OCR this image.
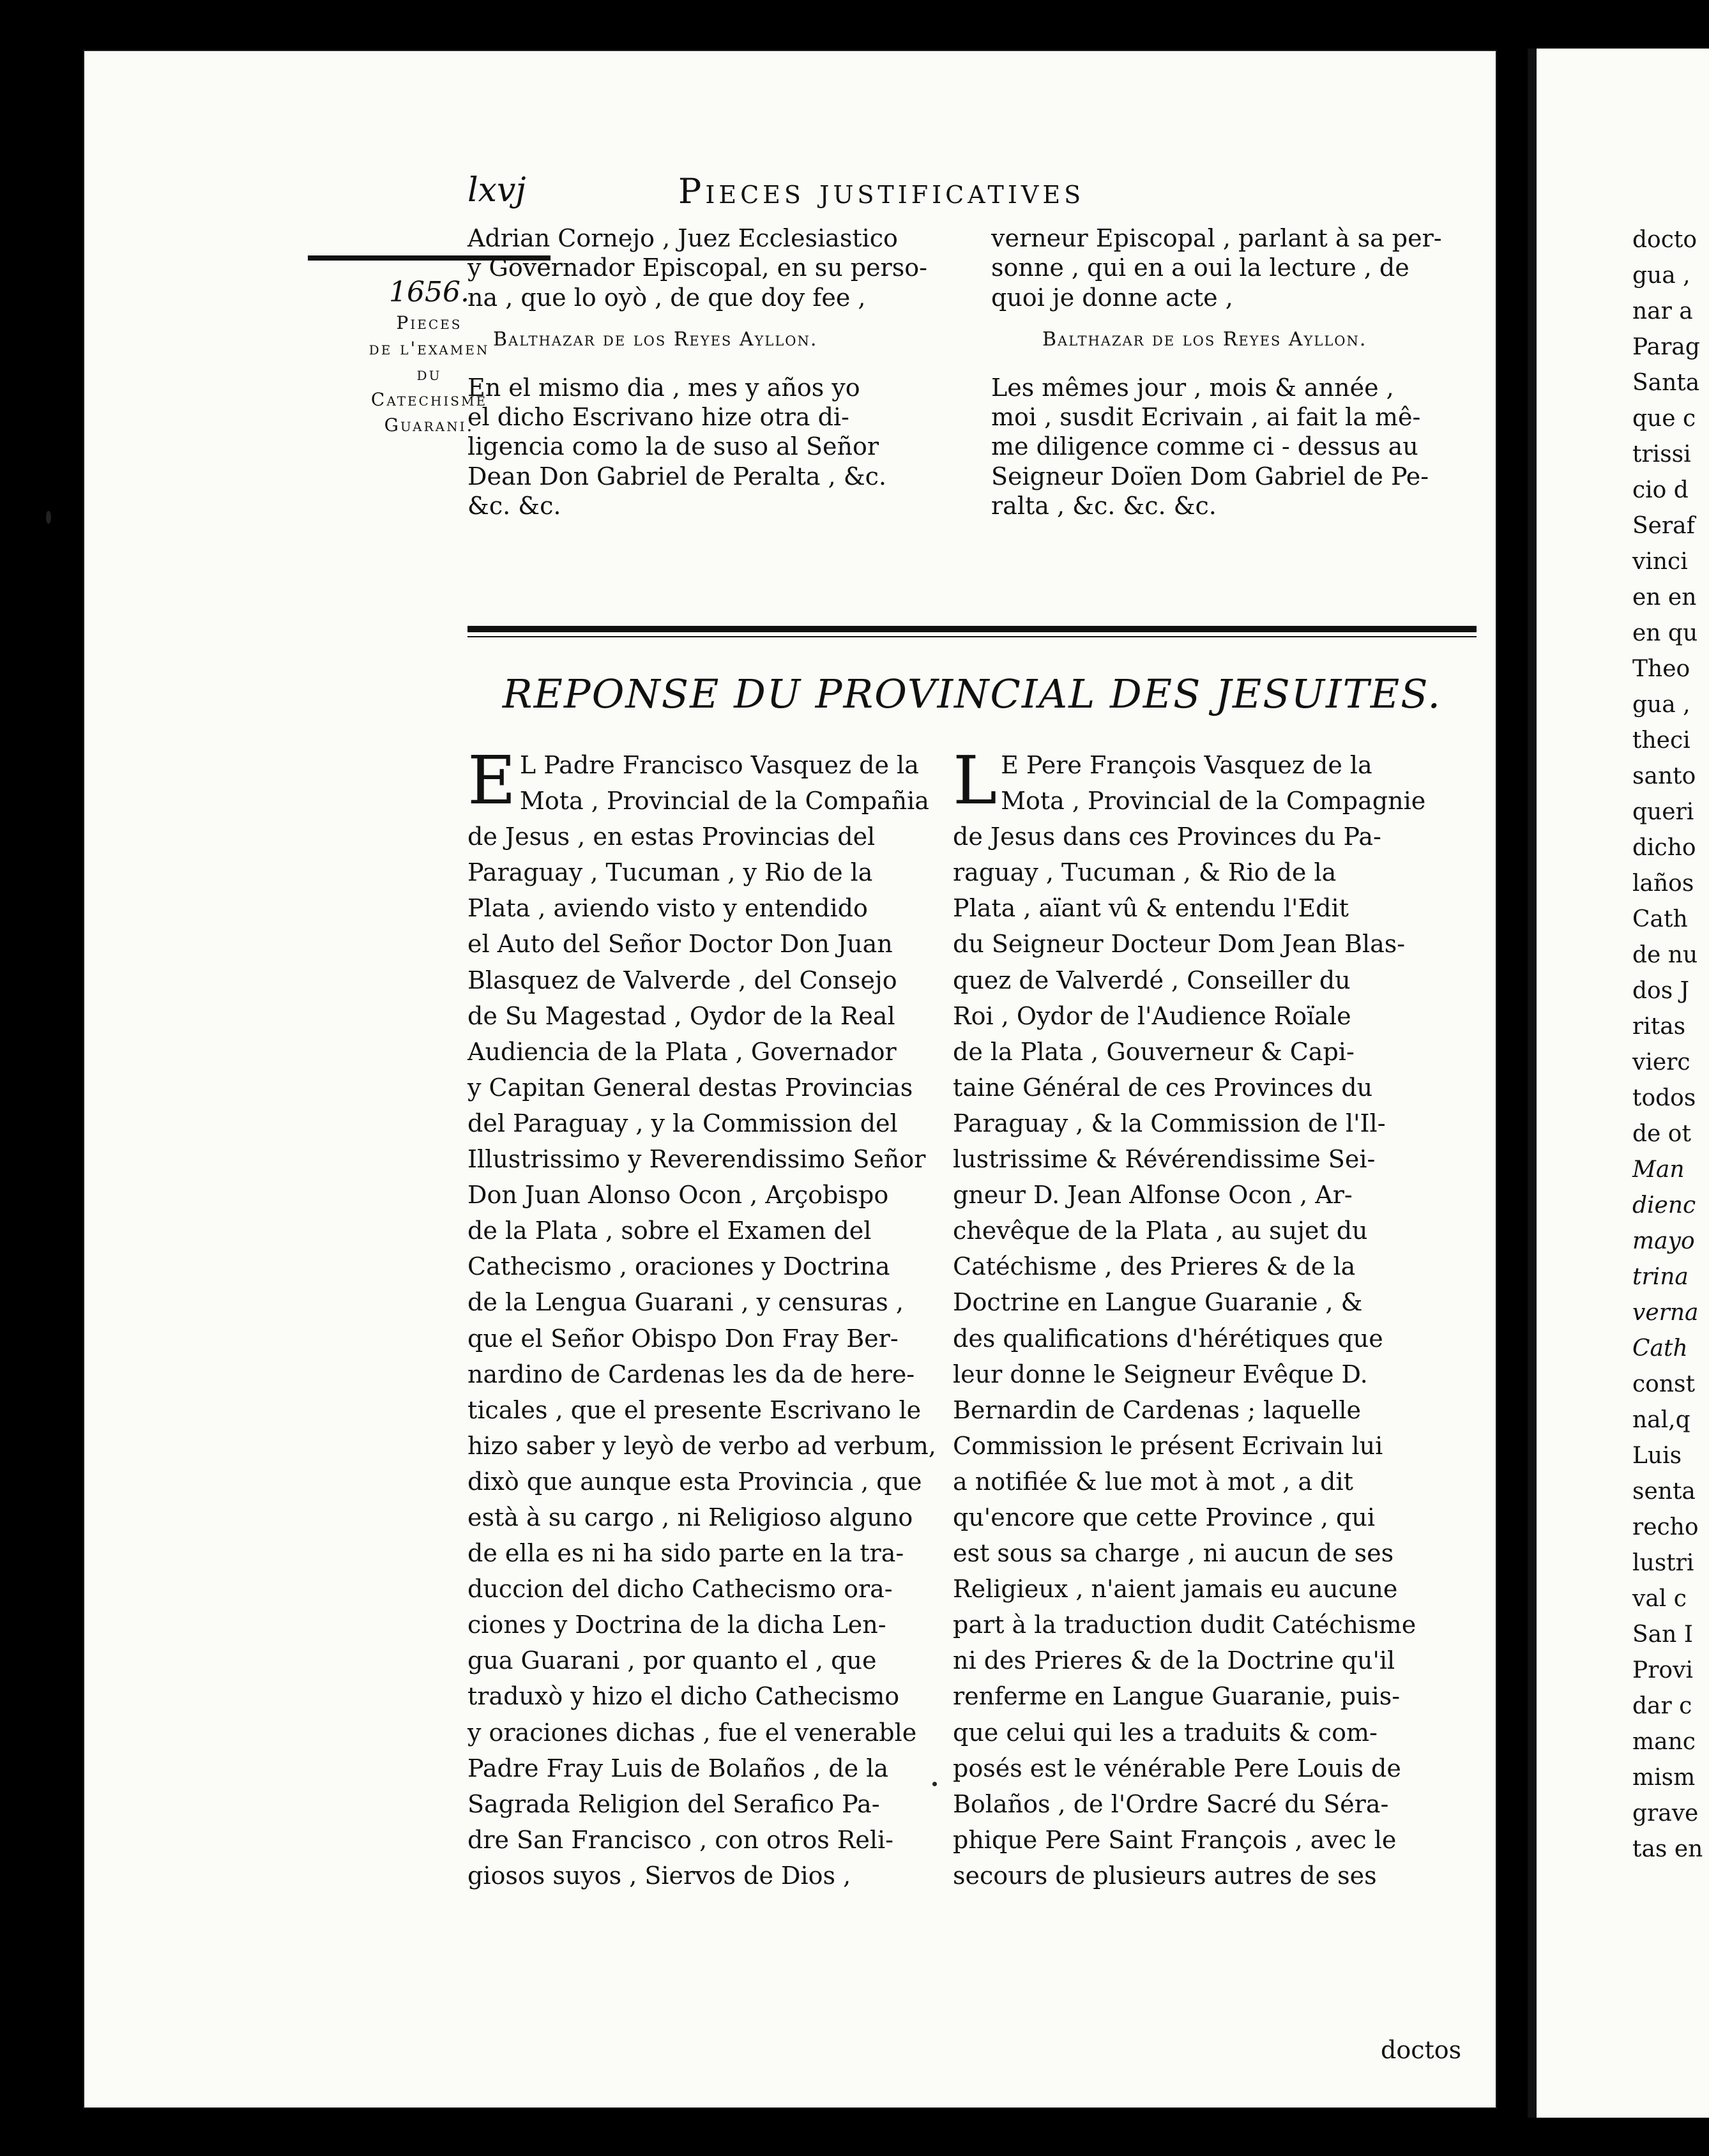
lxvj	Pieces justificatives
1656.
Pieces
de l'examen
du
Catechisme
Guarani.
Adrian Cornejo , Juez Ecclesiastico
y Governador Episcopal, en su perso-
na , que lo oyò , de que doy fee ,
Balthazar de los Reyes Ayllon.
En el mismo dia , mes y años yo
el dicho Escrivano hize otra di-
ligencia como la de suso al Señor
Dean Don Gabriel de Peralta , &c.
&c. &c.
verneur Episcopal , parlant à sa per-
sonne , qui en a oui la lecture , de
quoi je donne acte ,
Balthazar de los Reyes Ayllon.
Les mêmes jour , mois & année ,
moi , susdit Ecrivain , ai fait la mê-
me diligence comme ci - dessus au
Seigneur Doïen Dom Gabriel de Pe-
ralta , &c. &c. &c.
REPONSE DU PROVINCIAL DES JESUITES.
E L Padre Francisco Vasquez de la
Mota , Provincial de la Compañia
de Jesus , en estas Provincias del
Paraguay , Tucuman , y Rio de la
Plata , aviendo visto y entendido
el Auto del Señor Doctor Don Juan
Blasquez de Valverde , del Consejo
de Su Magestad , Oydor de la Real
Audiencia de la Plata , Governador
y Capitan General destas Provincias
del Paraguay , y la Commission del
Illustrissimo y Reverendissimo Señor
Don Juan Alonso Ocon , Arçobispo
de la Plata , sobre el Examen del
Cathecismo , oraciones y Doctrina
de la Lengua Guarani , y censuras ,
que el Señor Obispo Don Fray Ber-
nardino de Cardenas les da de here-
ticales , que el presente Escrivano le
hizo saber y leyò de verbo ad verbum,
dixò que aunque esta Provincia , que
està à su cargo , ni Religioso alguno
de ella es ni ha sido parte en la tra-
duccion del dicho Cathecismo ora-
ciones y Doctrina de la dicha Len-
gua Guarani , por quanto el , que
traduxò y hizo el dicho Cathecismo
y oraciones dichas , fue el venerable
Padre Fray Luis de Bolaños , de la
Sagrada Religion del Serafico Pa-
dre San Francisco , con otros Reli-
giosos suyos , Siervos de Dios ,
L E Pere François Vasquez de la
Mota , Provincial de la Compagnie
de Jesus dans ces Provinces du Pa-
raguay , Tucuman , & Rio de la
Plata , aïant vû & entendu l'Edit
du Seigneur Docteur Dom Jean Blas-
quez de Valverdé , Conseiller du
Roi , Oydor de l'Audience Roïale
de la Plata , Gouverneur & Capi-
taine Général de ces Provinces du
Paraguay , & la Commission de l'Il-
lustrissime & Révérendissime Sei-
gneur D. Jean Alfonse Ocon , Ar-
chevêque de la Plata , au sujet du
Catéchisme , des Prieres & de la
Doctrine en Langue Guaranie , &
des qualifications d'hérétiques que
leur donne le Seigneur Evêque D.
Bernardin de Cardenas ; laquelle
Commission le présent Ecrivain lui
a notifiée & lue mot à mot , a dit
qu'encore que cette Province , qui
est sous sa charge , ni aucun de ses
Religieux , n'aient jamais eu aucune
part à la traduction dudit Catéchisme
ni des Prieres & de la Doctrine qu'il
renferme en Langue Guaranie, puis-
que celui qui les a traduits & com-
posés est le vénérable Pere Louis de
Bolaños , de l'Ordre Sacré du Séra-
phique Pere Saint François , avec le
secours de plusieurs autres de ses
doctos
docto
gua ,
nar a
Parag
Santa
que c
trissi
cio d
Seraf
vinci
en en
en qu
Theo
gua ,
theci
santo
queri
dicho
laños
Cath
de nu
dos J
ritas
vierc
todos
de ot
Man
dienc
mayo
trina
verna
Cath
const
nal,q
Luis
senta
recho
lustri
val c
San I
Provi
dar c
manc
mism
grave
tas en
